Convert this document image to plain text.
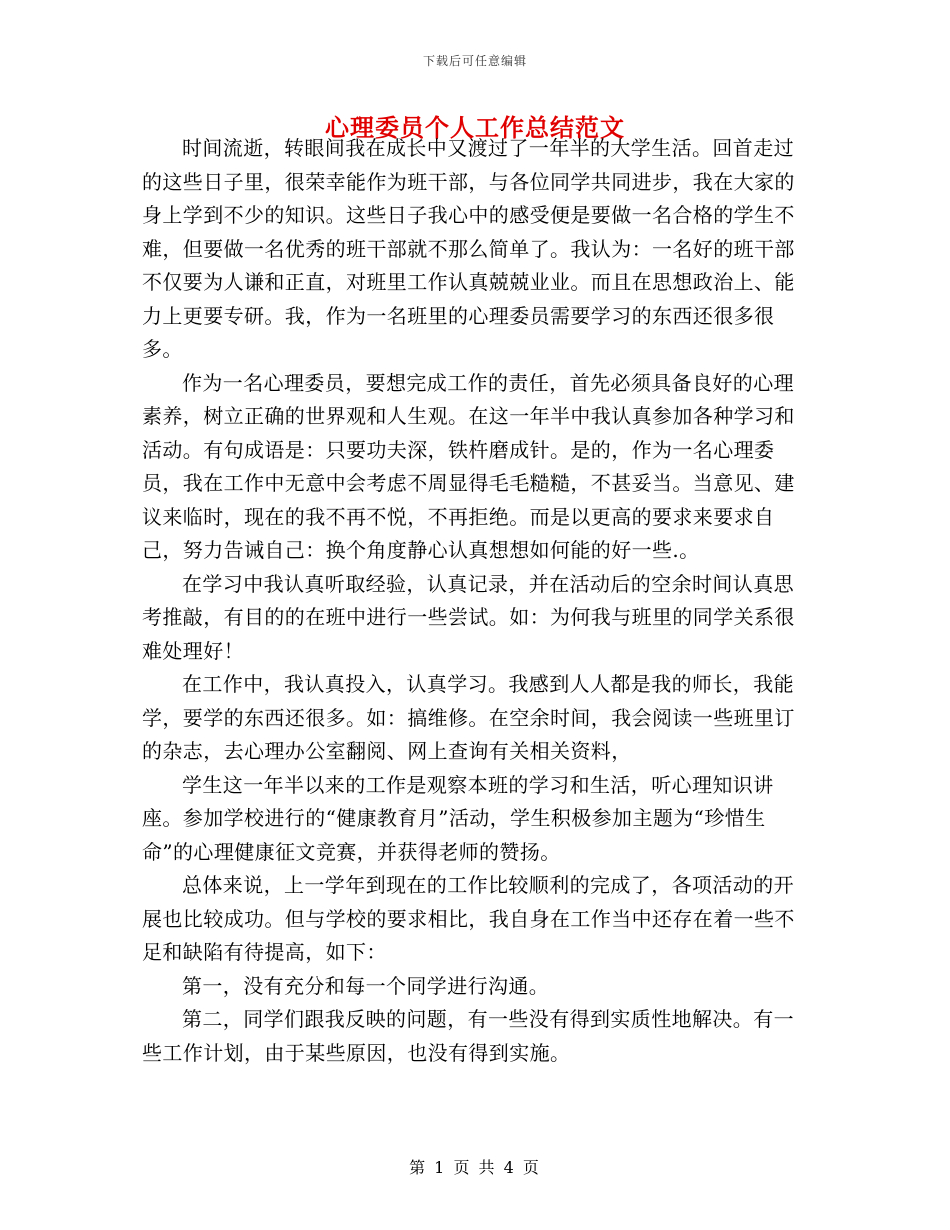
下载后可任意编辑
心理委员个人工作总结范文

时间流逝，转眼间我在成长中又渡过了一年半的大学生活。回首走过的这些日子里，很荣幸能作为班干部，与各位同学共同进步，我在大家的身上学到不少的知识。这些日子我心中的感受便是要做一名合格的学生不难，但要做一名优秀的班干部就不那么简单了。我认为：一名好的班干部不仅要为人谦和正直，对班里工作认真兢兢业业。而且在思想政治上、能力上更要专研。我，作为一名班里的心理委员需要学习的东西还很多很多。

作为一名心理委员，要想完成工作的责任，首先必须具备良好的心理素养，树立正确的世界观和人生观。在这一年半中我认真参加各种学习和活动。有句成语是：只要功夫深，铁杵磨成针。是的，作为一名心理委员，我在工作中无意中会考虑不周显得毛毛糙糙，不甚妥当。当意见、建议来临时，现在的我不再不悦，不再拒绝。而是以更高的要求来要求自己，努力告诫自己：换个角度静心认真想想如何能的好一些.。

在学习中我认真听取经验，认真记录，并在活动后的空余时间认真思考推敲，有目的的在班中进行一些尝试。如：为何我与班里的同学关系很难处理好！

在工作中，我认真投入，认真学习。我感到人人都是我的师长，我能学，要学的东西还很多。如：搞维修。在空余时间，我会阅读一些班里订的杂志，去心理办公室翻阅、网上查询有关相关资料，

学生这一年半以来的工作是观察本班的学习和生活，听心理知识讲座。参加学校进行的“健康教育月”活动，学生积极参加主题为“珍惜生命”的心理健康征文竞赛，并获得老师的赞扬。

总体来说，上一学年到现在的工作比较顺利的完成了，各项活动的开展也比较成功。但与学校的要求相比，我自身在工作当中还存在着一些不足和缺陷有待提高，如下：

第一，没有充分和每一个同学进行沟通。

第二，同学们跟我反映的问题，有一些没有得到实质性地解决。有一些工作计划，由于某些原因，也没有得到实施。

第 1 页 共 4 页
